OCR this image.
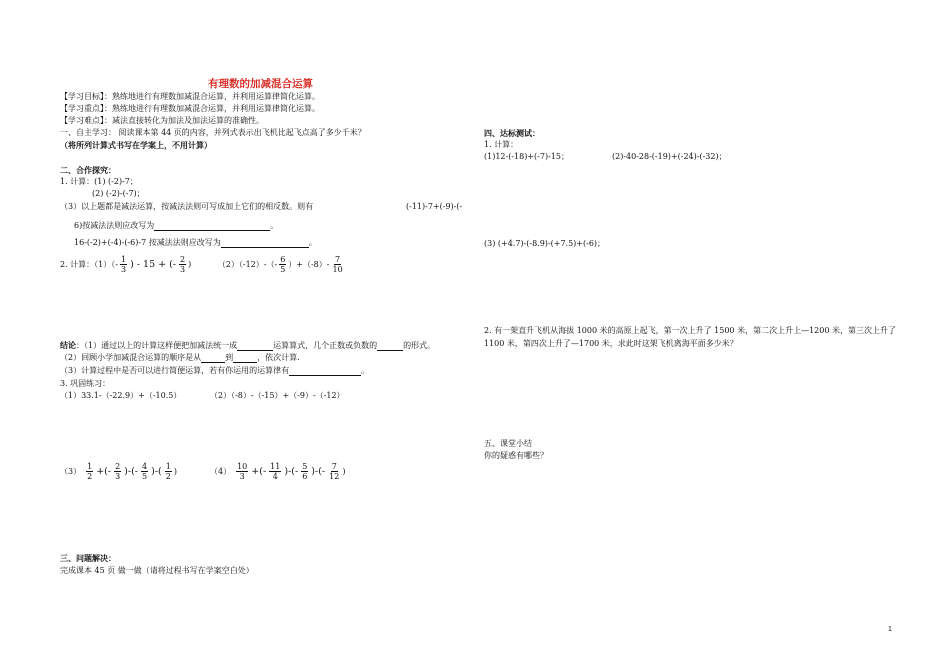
有理数的加减混合运算
【学习目标】：熟练地进行有理数加减混合运算，并利用运算律简化运算。
【学习重点】：熟练地进行有理数加减混合运算，并利用运算律简化运算。
【学习难点】：减法直接转化为加法及加法运算的准确性。
一、自主学习： 阅读课本第 44 页的内容，并列式表示出飞机比起飞点高了多少千米？
（将所列计算式书写在学案上，不用计算）
二、合作探究：
1. 计算：(1) (-2)-7；
(2) (-2)-(-7)；
（3）以上题都是减法运算，按减法法则可写成加上它们的相反数。则有	(-11)-7+(-9)-(-
6)按减法法则应改写为	。
16-(-2)+(-4)-(-6)-7 按减法法则应改写为	。
2. 计算：$(1)(- \frac{1}{3}$ ) - 15 + (- $\frac{2}{3}$ )
	$(2)(-12)-(- \frac{6}{5} )+(-8)- \frac{7}{10}$
结论：（1）通过以上的计算这样便把加减法统一成	运算算式，几个正数或负数的	的形式。
（2）回顾小学加减混合运算的顺序是从	到	，依次计算.
（3）计算过程中是否可以进行简便运算，若有你运用的运算律有	。
3. 巩固练习：
（1）33.1-（-22.9）+（-10.5）	（2）（-8）-（-15）+（-9）-（-12）
$(3) \frac{1}{2}$ +(- $\frac{2}{3}$ )-(- $\frac{4}{5}$ )-( $\frac{1}{2}$ )	$(4) \frac{10}{3}$ +(- $\frac{11}{4}$ )-(- $\frac{5}{6}$ )-(- $\frac{7}{12}$ )
三、问题解决：
完成课本 45 页 做一做（请将过程书写在学案空白处）
四、达标测试：
1. 计算：
(1)12-(-18)+(-7)-15；	(2)-40-28-(-19)+(-24)-(-32)；
(3) (+4.7)-(-8.9)-(+7.5)+(-6)；
2. 有一架直升飞机从海拔 1000 米的高原上起飞，第一次上升了 1500 米，第二次上升上—1200 米，第三次上升了
1100 米，第四次上升了—1700 米，求此时这架飞机离海平面多少米？
五、课堂小结
你的疑惑有哪些？
1
